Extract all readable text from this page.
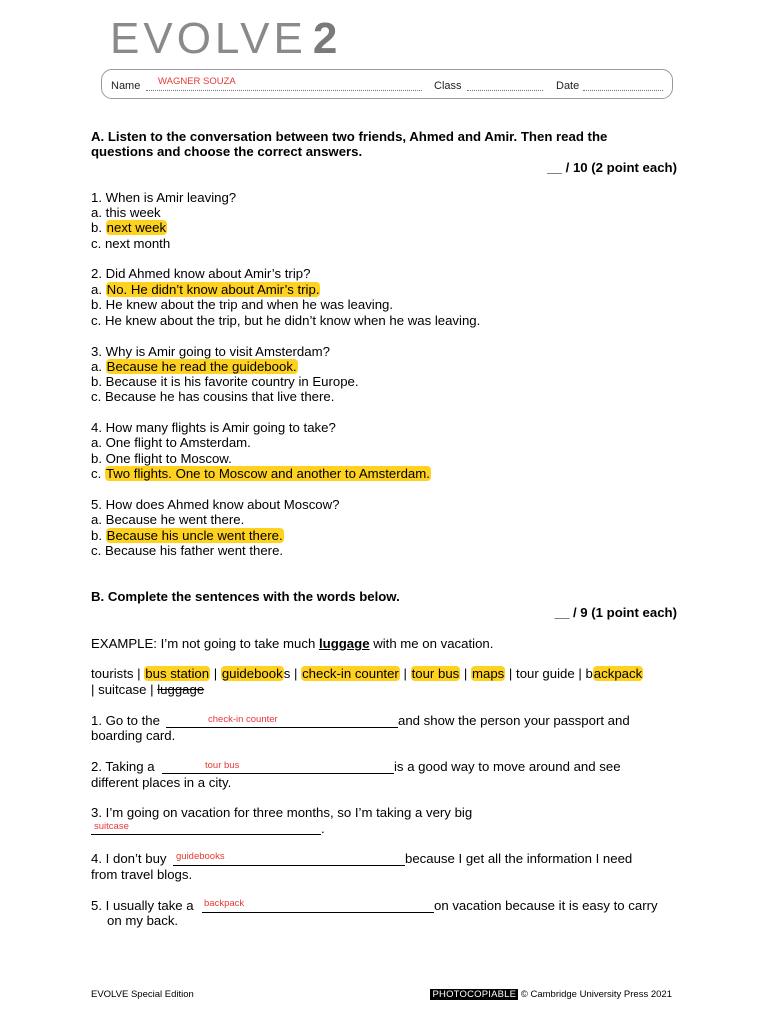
EVOLVE 2
Name WAGNER SOUZA	Class	Date
A. Listen to the conversation between two friends, Ahmed and Amir. Then read the
questions and choose the correct answers.
__ / 10 (2 point each)
1. When is Amir leaving?
a. this week
b. next week
c. next month
2. Did Ahmed know about Amir’s trip?
a. No. He didn’t know about Amir’s trip.
b. He knew about the trip and when he was leaving.
c. He knew about the trip, but he didn’t know when he was leaving.
3. Why is Amir going to visit Amsterdam?
a. Because he read the guidebook.
b. Because it is his favorite country in Europe.
c. Because he has cousins that live there.
4. How many flights is Amir going to take?
a. One flight to Amsterdam.
b. One flight to Moscow.
c. Two flights. One to Moscow and another to Amsterdam.
5. How does Ahmed know about Moscow?
a. Because he went there.
b. Because his uncle went there.
c. Because his father went there.
B. Complete the sentences with the words below.
__ / 9 (1 point each)
EXAMPLE: I’m not going to take much luggage with me on vacation.
tourists | bus station | guidebooks | check-in counter | tour bus | maps | tour guide | backpack
| suitcase | luggage
1. Go to the	check-in counter	and show the person your passport and
boarding card.
2. Taking a	tour bus	is a good way to move around and see
different places in a city.
3. I’m going on vacation for three months, so I’m taking a very big
suitcase	.
4. I don’t buy guidebooks	because I get all the information I need
from travel blogs.
5. I usually take a backpack	on vacation because it is easy to carry
on my back.
EVOLVE Special Edition	PHOTOCOPIABLE © Cambridge University Press 2021
